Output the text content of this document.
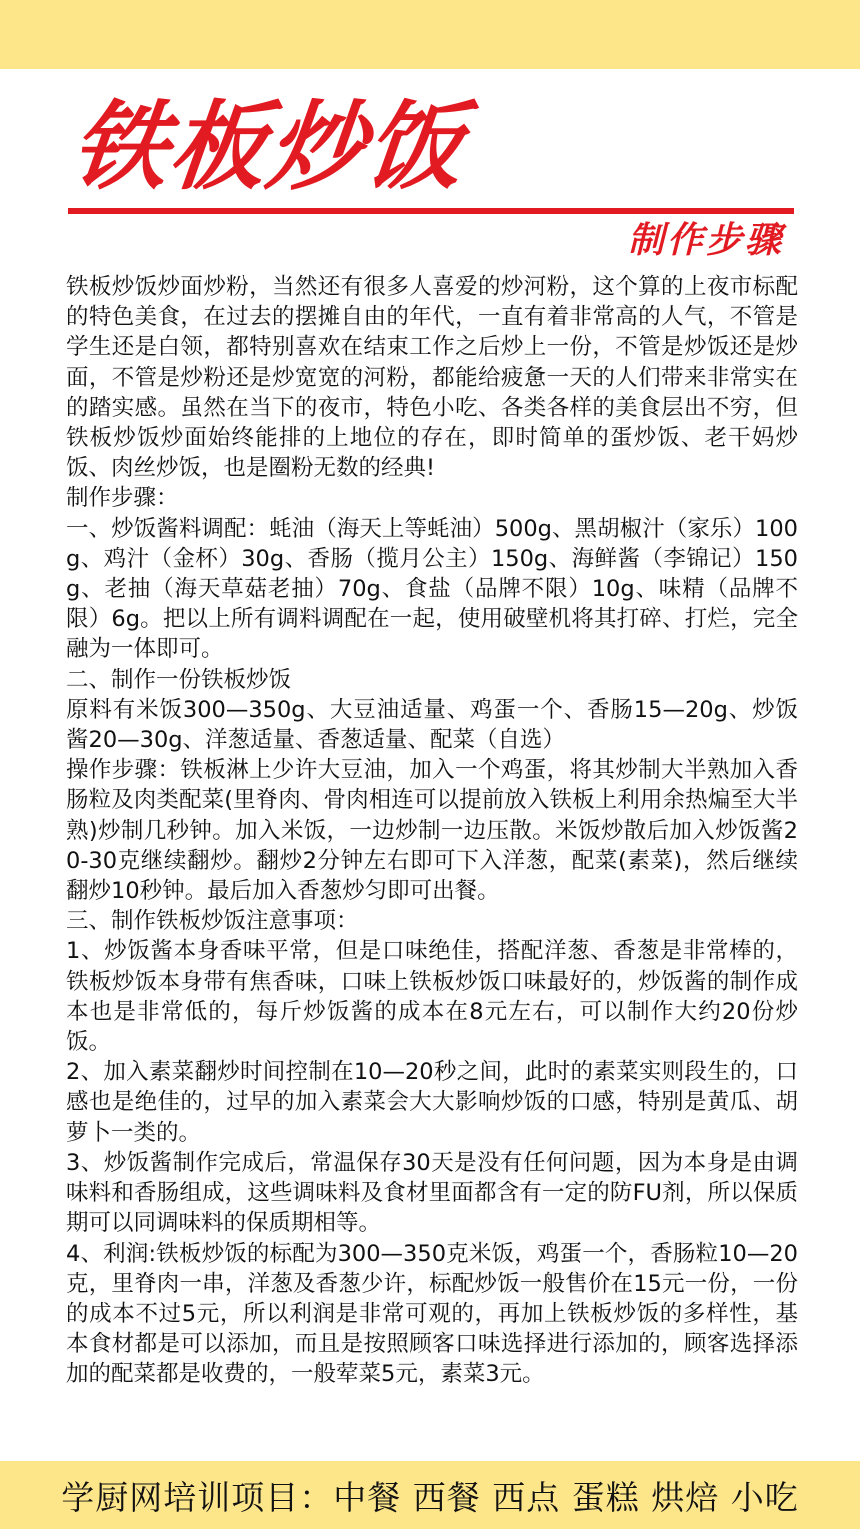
铁板炒饭
制作步骤

铁板炒饭炒面炒粉，当然还有很多人喜爱的炒河粉，这个算的上夜市标配的特色美食，在过去的摆摊自由的年代，一直有着非常高的人气，不管是学生还是白领，都特别喜欢在结束工作之后炒上一份，不管是炒饭还是炒面，不管是炒粉还是炒宽宽的河粉，都能给疲惫一天的人们带来非常实在的踏实感。虽然在当下的夜市，特色小吃、各类各样的美食层出不穷，但铁板炒饭炒面始终能排的上地位的存在，即时简单的蛋炒饭、老干妈炒饭、肉丝炒饭，也是圈粉无数的经典!

制作步骤：

一、炒饭酱料调配：蚝油（海天上等蚝油）500g、黑胡椒汁（家乐）100g、鸡汁（金杯）30g、香肠（揽月公主）150g、海鲜酱（李锦记）150g、老抽（海天草菇老抽）70g、食盐（品牌不限）10g、味精（品牌不限）6g。把以上所有调料调配在一起，使用破壁机将其打碎、打烂，完全融为一体即可。

二、制作一份铁板炒饭

原料有米饭300—350g、大豆油适量、鸡蛋一个、香肠15—20g、炒饭酱20—30g、洋葱适量、香葱适量、配菜（自选）

操作步骤：铁板淋上少许大豆油，加入一个鸡蛋，将其炒制大半熟加入香肠粒及肉类配菜(里脊肉、骨肉相连可以提前放入铁板上利用余热煸至大半熟)炒制几秒钟。加入米饭，一边炒制一边压散。米饭炒散后加入炒饭酱20-30克继续翻炒。翻炒2分钟左右即可下入洋葱，配菜(素菜)，然后继续翻炒10秒钟。最后加入香葱炒匀即可出餐。

三、制作铁板炒饭注意事项：

1、炒饭酱本身香味平常，但是口味绝佳，搭配洋葱、香葱是非常棒的，铁板炒饭本身带有焦香味，口味上铁板炒饭口味最好的，炒饭酱的制作成本也是非常低的，每斤炒饭酱的成本在8元左右，可以制作大约20份炒饭。

2、加入素菜翻炒时间控制在10—20秒之间，此时的素菜实则段生的，口感也是绝佳的，过早的加入素菜会大大影响炒饭的口感，特别是黄瓜、胡萝卜一类的。

3、炒饭酱制作完成后，常温保存30天是没有任何问题，因为本身是由调味料和香肠组成，这些调味料及食材里面都含有一定的防FU剂，所以保质期可以同调味料的保质期相等。

4、利润:铁板炒饭的标配为300—350克米饭，鸡蛋一个，香肠粒10—20克，里脊肉一串，洋葱及香葱少许，标配炒饭一般售价在15元一份，一份的成本不过5元，所以利润是非常可观的，再加上铁板炒饭的多样性，基本食材都是可以添加，而且是按照顾客口味选择进行添加的，顾客选择添加的配菜都是收费的，一般荤菜5元，素菜3元。

学厨网培训项目：中餐 西餐 西点 蛋糕 烘焙 小吃
